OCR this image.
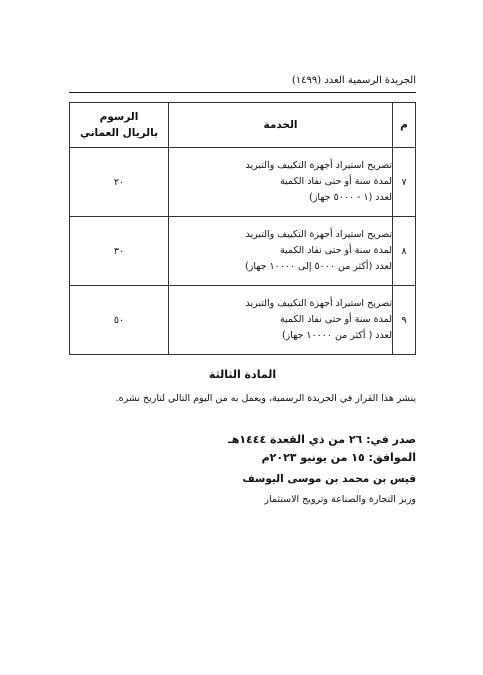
الجريدة الرسمية العدد (١٤٩٩)
م	الخدمة	الرسوم
بالريال العماني

٧	تصريح استيراد أجهزة التكييف والتبريد
لمدة سنة أو حتى نفاد الكمية
لعدد (١ - ٥٠٠٠ جهاز)	٢٠
٨	تصريح استيراد أجهزة التكييف والتبريد
لمدة سنة أو حتى نفاد الكمية
لعدد (أكثر من ٥٠٠٠ إلى ١٠٠٠٠ جهاز)	٣٠
٩	تصريح استيراد أجهزة التكييف والتبريد
لمدة سنة أو حتى نفاد الكمية
لعدد ( أكثر من ١٠٠٠٠ جهاز)	٥٠
المادة الثالثة
ينشر هذا القرار في الجريدة الرسمية، ويعمل به من اليوم التالي لتاريخ نشره.
صدر في: ٢٦ من ذي القعدة ١٤٤٤هـ
الموافق: ١٥ من يونيو ٢٠٢٣م
قيس بن محمد بن موسى اليوسف
وزير التجارة والصناعة وترويج الاستثمار
